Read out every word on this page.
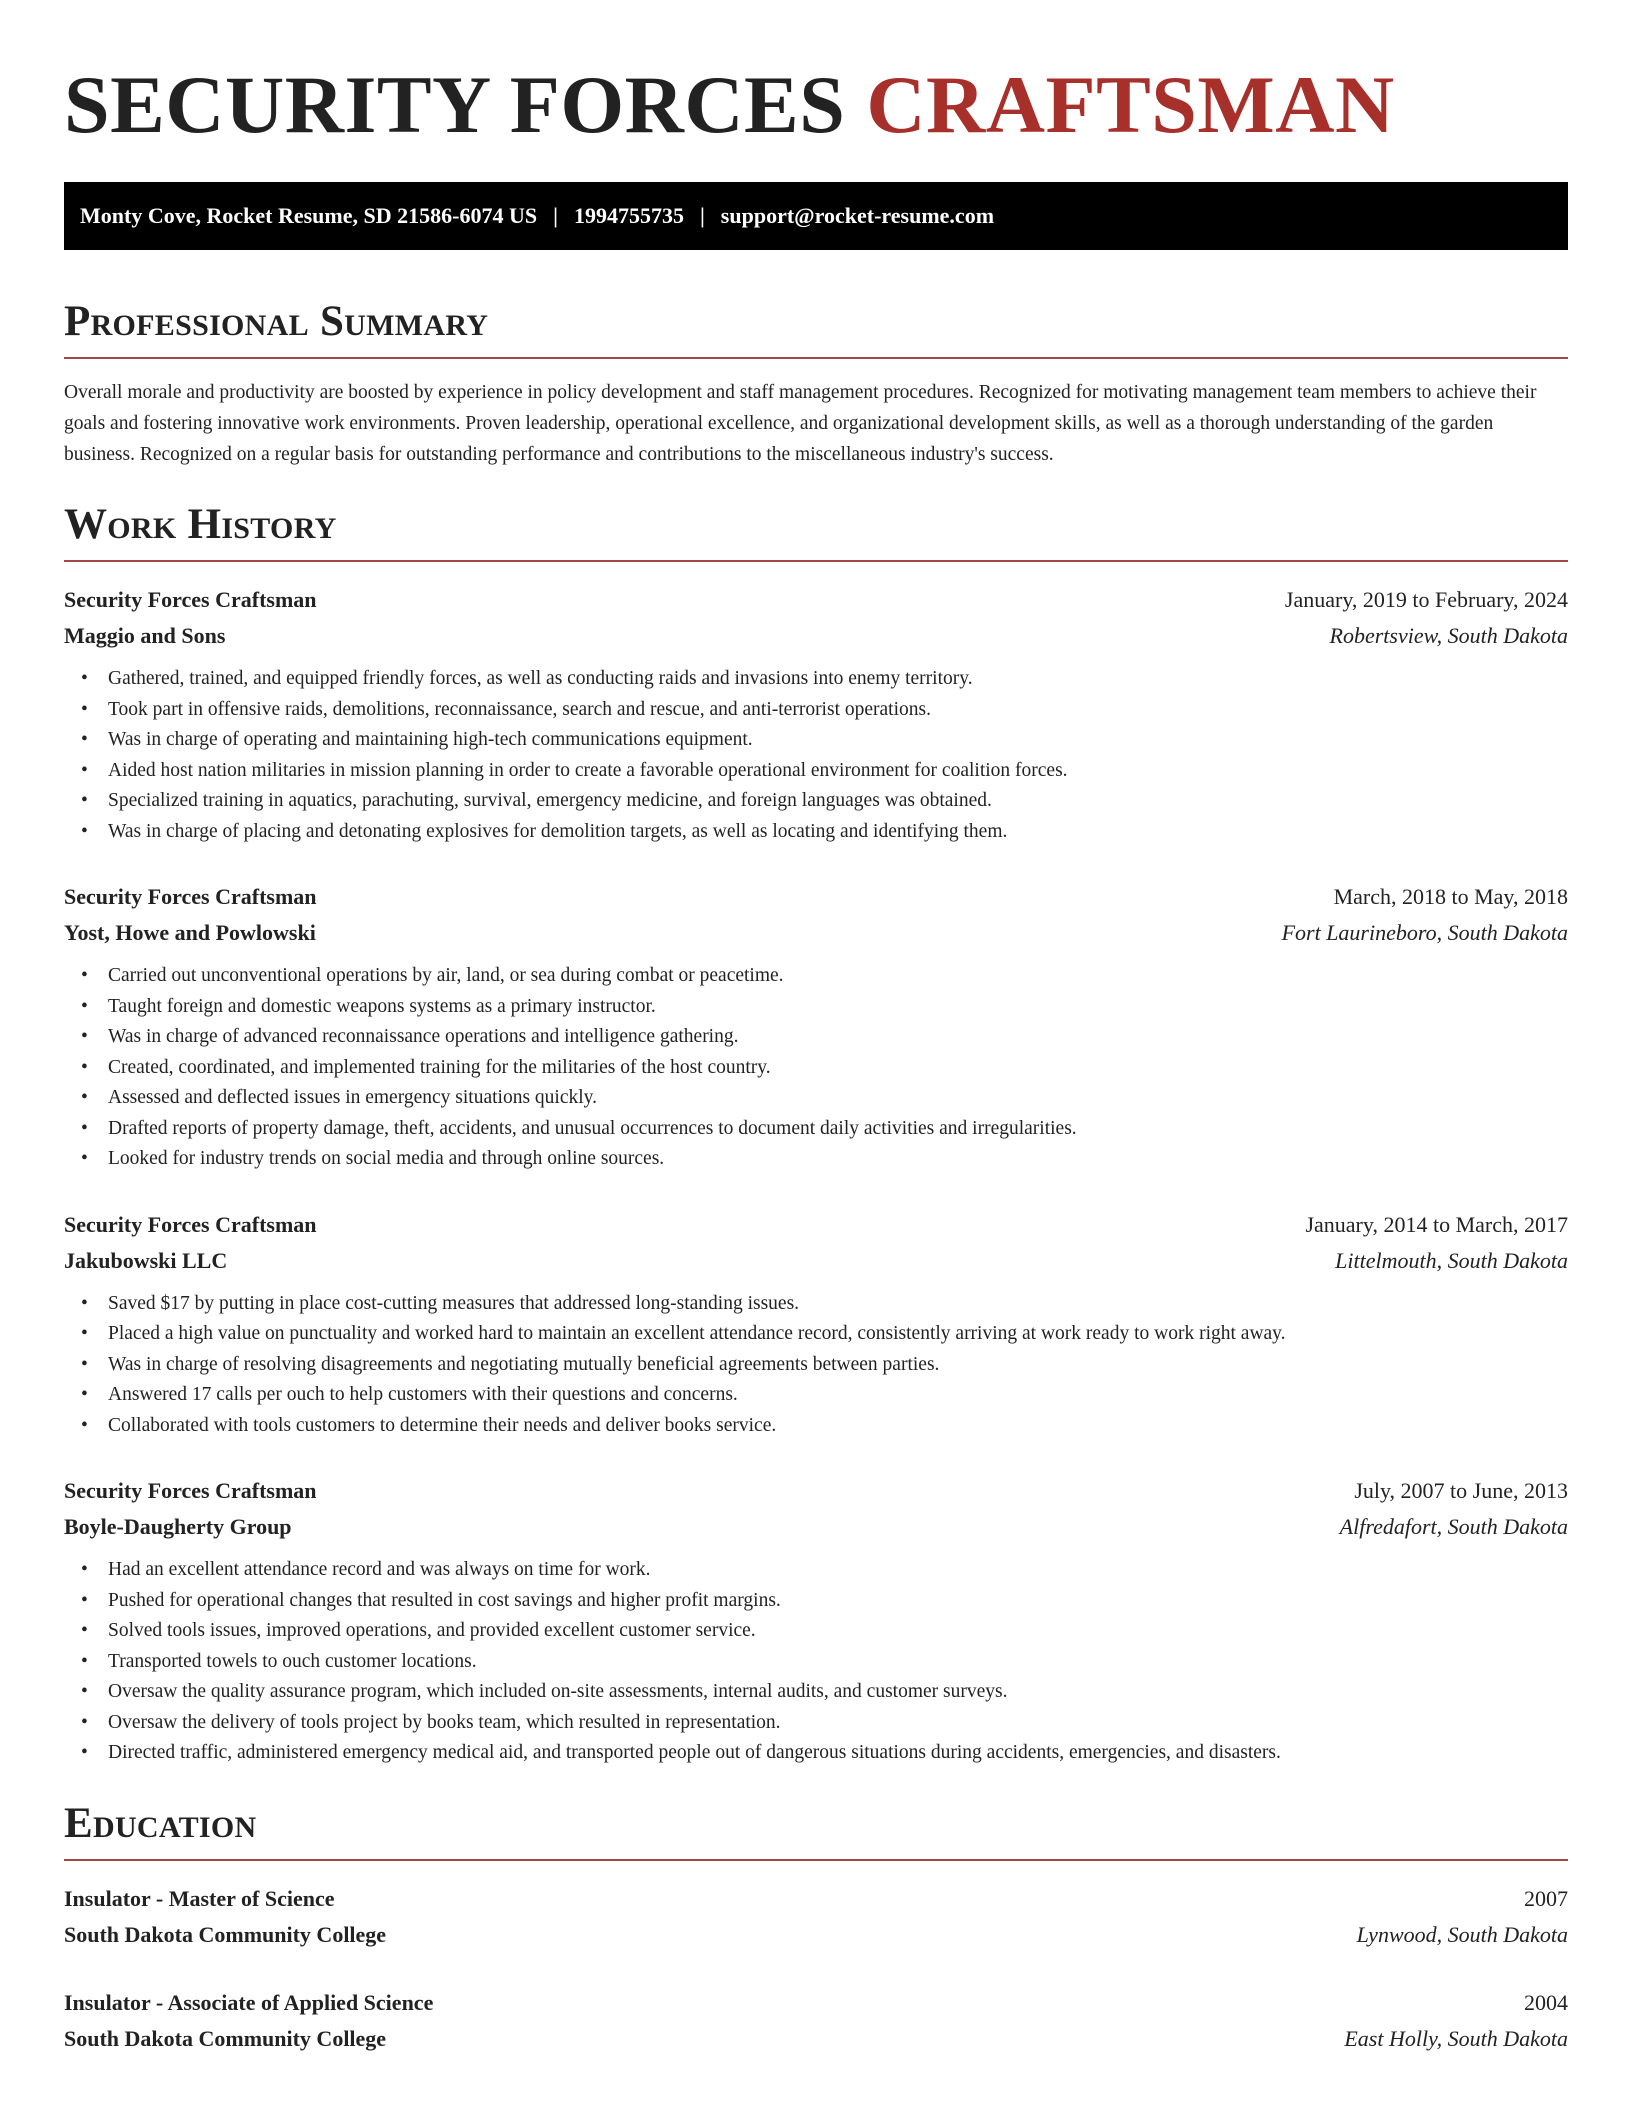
SECURITY FORCES CRAFTSMAN
Monty Cove, Rocket Resume, SD 21586-6074 US | 1994755735 | support@rocket-resume.com
Professional Summary

Overall morale and productivity are boosted by experience in policy development and staff management procedures. Recognized for motivating management team members to achieve their goals and fostering innovative work environments. Proven leadership, operational excellence, and organizational development skills, as well as a thorough understanding of the garden business. Recognized on a regular basis for outstanding performance and contributions to the miscellaneous industry's success.

Work History
Security Forces Craftsman	January, 2019 to February, 2024
Maggio and Sons	Robertsview, South Dakota
•	Gathered, trained, and equipped friendly forces, as well as conducting raids and invasions into enemy territory.
•	Took part in offensive raids, demolitions, reconnaissance, search and rescue, and anti-terrorist operations.
•	Was in charge of operating and maintaining high-tech communications equipment.
•	Aided host nation militaries in mission planning in order to create a favorable operational environment for coalition forces.
•	Specialized training in aquatics, parachuting, survival, emergency medicine, and foreign languages was obtained.
•	Was in charge of placing and detonating explosives for demolition targets, as well as locating and identifying them.
Security Forces Craftsman	March, 2018 to May, 2018
Yost, Howe and Powlowski	Fort Laurineboro, South Dakota
•	Carried out unconventional operations by air, land, or sea during combat or peacetime.
•	Taught foreign and domestic weapons systems as a primary instructor.
•	Was in charge of advanced reconnaissance operations and intelligence gathering.
•	Created, coordinated, and implemented training for the militaries of the host country.
•	Assessed and deflected issues in emergency situations quickly.
•	Drafted reports of property damage, theft, accidents, and unusual occurrences to document daily activities and irregularities.
•	Looked for industry trends on social media and through online sources.
Security Forces Craftsman	January, 2014 to March, 2017
Jakubowski LLC	Littelmouth, South Dakota
•	Saved $17 by putting in place cost-cutting measures that addressed long-standing issues.
•	Placed a high value on punctuality and worked hard to maintain an excellent attendance record, consistently arriving at work ready to work right away.
•	Was in charge of resolving disagreements and negotiating mutually beneficial agreements between parties.
•	Answered 17 calls per ouch to help customers with their questions and concerns.
•	Collaborated with tools customers to determine their needs and deliver books service.
Security Forces Craftsman	July, 2007 to June, 2013
Boyle-Daugherty Group	Alfredafort, South Dakota
•	Had an excellent attendance record and was always on time for work.
•	Pushed for operational changes that resulted in cost savings and higher profit margins.
•	Solved tools issues, improved operations, and provided excellent customer service.
•	Transported towels to ouch customer locations.
•	Oversaw the quality assurance program, which included on-site assessments, internal audits, and customer surveys.
•	Oversaw the delivery of tools project by books team, which resulted in representation.
•	Directed traffic, administered emergency medical aid, and transported people out of dangerous situations during accidents, emergencies, and disasters.
Education
Insulator - Master of Science	2007
South Dakota Community College	Lynwood, South Dakota
Insulator - Associate of Applied Science	2004
South Dakota Community College	East Holly, South Dakota
